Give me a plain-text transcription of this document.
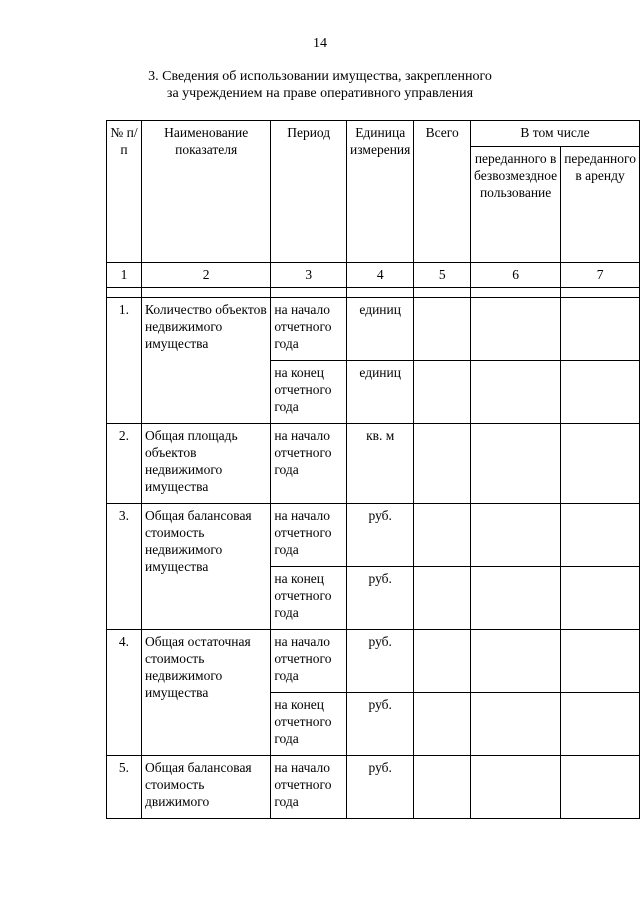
14
3. Сведения об использовании имущества, закрепленного
за учреждением на праве оперативного управления
№ п/п	Наименование показателя	Период	Единица измерения	Всего	В том числе	
					переданного в безвозмездное пользование	переданного в аренду
1	2	3	4	5	6	7

1.	Количество объектов недвижимого имущества	на начало отчетного года	единиц			
		на конец отчетного года	единиц			
2.	Общая площадь объектов недвижимого имущества	на начало отчетного года	кв. м			
3.	Общая балансовая стоимость недвижимого имущества	на начало отчетного года	руб.			
		на конец отчетного года	руб.			
4.	Общая остаточная стоимость недвижимого имущества	на начало отчетного года	руб.			
		на конец отчетного года	руб.			
5.	Общая балансовая стоимость движимого	на начало отчетного года	руб.			
